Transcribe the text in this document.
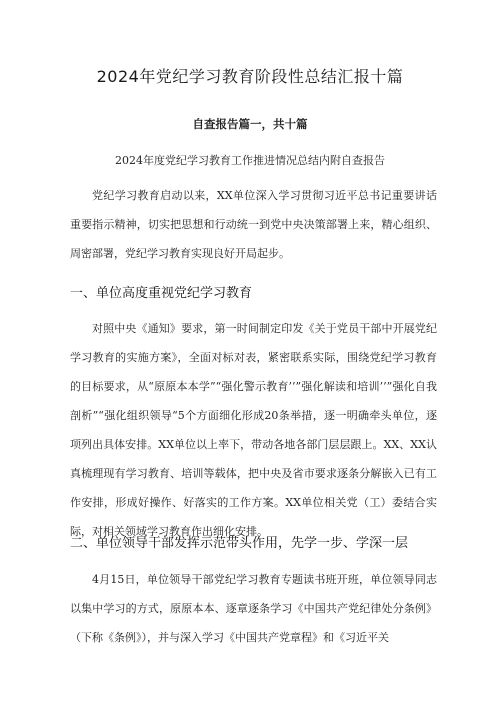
2024年党纪学习教育阶段性总结汇报十篇
自查报告篇一，共十篇
2024年度党纪学习教育工作推进情况总结内附自查报告

党纪学习教育启动以来，XX单位深入学习贯彻习近平总书记重要讲话重要指示精神，切实把思想和行动统一到党中央决策部署上来，精心组织、周密部署，党纪学习教育实现良好开局起步。

一、单位高度重视党纪学习教育

对照中央《通知》要求，第一时间制定印发《关于党员干部中开展党纪学习教育的实施方案》，全面对标对表，紧密联系实际，围绕党纪学习教育的目标要求，从“原原本本学”“强化警示教育’’”强化解读和培训’’”强化自我剖析”“强化组织领导“5个方面细化形成20条举措，逐一明确牵头单位，逐项列出具体安排。XX单位以上率下，带动各地各部门层层跟上。XX、XX认真梳理现有学习教育、培训等载体，把中央及省市要求逐条分解嵌入已有工作安排，形成好操作、好落实的工作方案。XX单位相关党（工）委结合实际，对相关领域学习教育作出细化安排。

二、单位领导干部发挥示范带头作用，先学一步、学深一层

4月15日，单位领导干部党纪学习教育专题读书班开班，单位领导同志以集中学习的方式，原原本本、逐章逐条学习《中国共产党纪律处分条例》（下称《条例》），并与深入学习《中国共产党章程》和《习近平关
